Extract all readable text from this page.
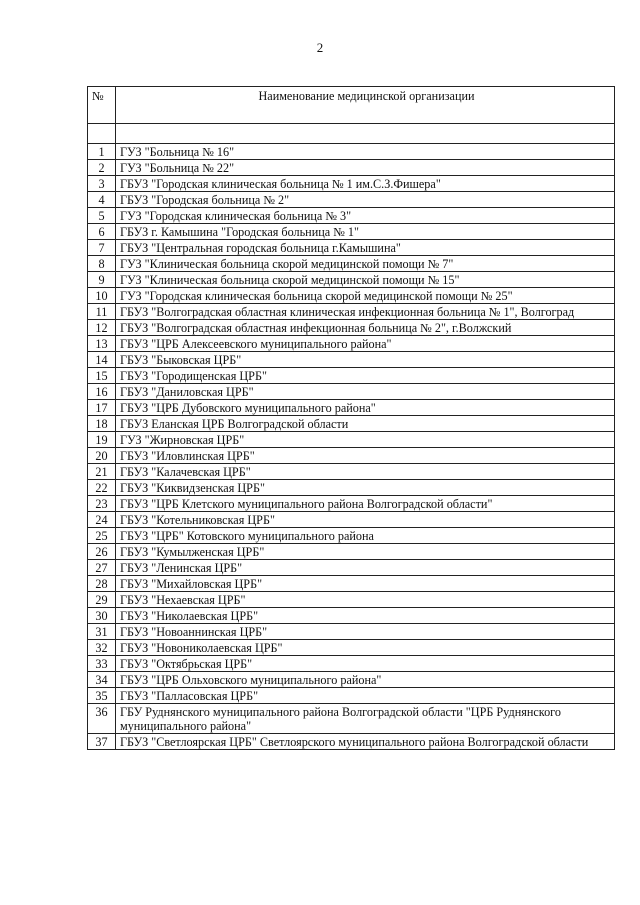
2
№	Наименование медицинской организации

1	ГУЗ "Больница № 16"
2	ГУЗ "Больница № 22"
3	ГБУЗ "Городская клиническая больница № 1 им.С.З.Фишера"
4	ГБУЗ "Городская больница № 2"
5	ГУЗ "Городская клиническая больница № 3"
6	ГБУЗ г. Камышина "Городская больница № 1"
7	ГБУЗ "Центральная городская больница г.Камышина"
8	ГУЗ "Клиническая больница скорой медицинской помощи № 7"
9	ГУЗ "Клиническая больница скорой медицинской помощи № 15"
10	ГУЗ "Городская клиническая больница скорой медицинской помощи № 25"
11	ГБУЗ "Волгоградская областная клиническая инфекционная больница № 1", Волгоград
12	ГБУЗ "Волгоградская областная инфекционная больница № 2", г.Волжский
13	ГБУЗ "ЦРБ Алексеевского муниципального района"
14	ГБУЗ "Быковская ЦРБ"
15	ГБУЗ "Городищенская ЦРБ"
16	ГБУЗ "Даниловская ЦРБ"
17	ГБУЗ "ЦРБ Дубовского муниципального района"
18	ГБУЗ Еланская ЦРБ Волгоградской области
19	ГУЗ "Жирновская ЦРБ"
20	ГБУЗ "Иловлинская ЦРБ"
21	ГБУЗ "Калачевская ЦРБ"
22	ГБУЗ "Киквидзенская ЦРБ"
23	ГБУЗ "ЦРБ Клетского муниципального района Волгоградской области"
24	ГБУЗ "Котельниковская ЦРБ"
25	ГБУЗ "ЦРБ" Котовского муниципального района
26	ГБУЗ "Кумылженская ЦРБ"
27	ГБУЗ "Ленинская ЦРБ"
28	ГБУЗ "Михайловская ЦРБ"
29	ГБУЗ "Нехаевская ЦРБ"
30	ГБУЗ "Николаевская ЦРБ"
31	ГБУЗ "Новоаннинская ЦРБ"
32	ГБУЗ "Новониколаевская ЦРБ"
33	ГБУЗ "Октябрьская ЦРБ"
34	ГБУЗ "ЦРБ Ольховского муниципального района"
35	ГБУЗ "Палласовская ЦРБ"
36	ГБУ Руднянского муниципального района Волгоградской области "ЦРБ Руднянского муниципального района"
37	ГБУЗ "Светлоярская ЦРБ" Светлоярского муниципального района Волгоградской области
